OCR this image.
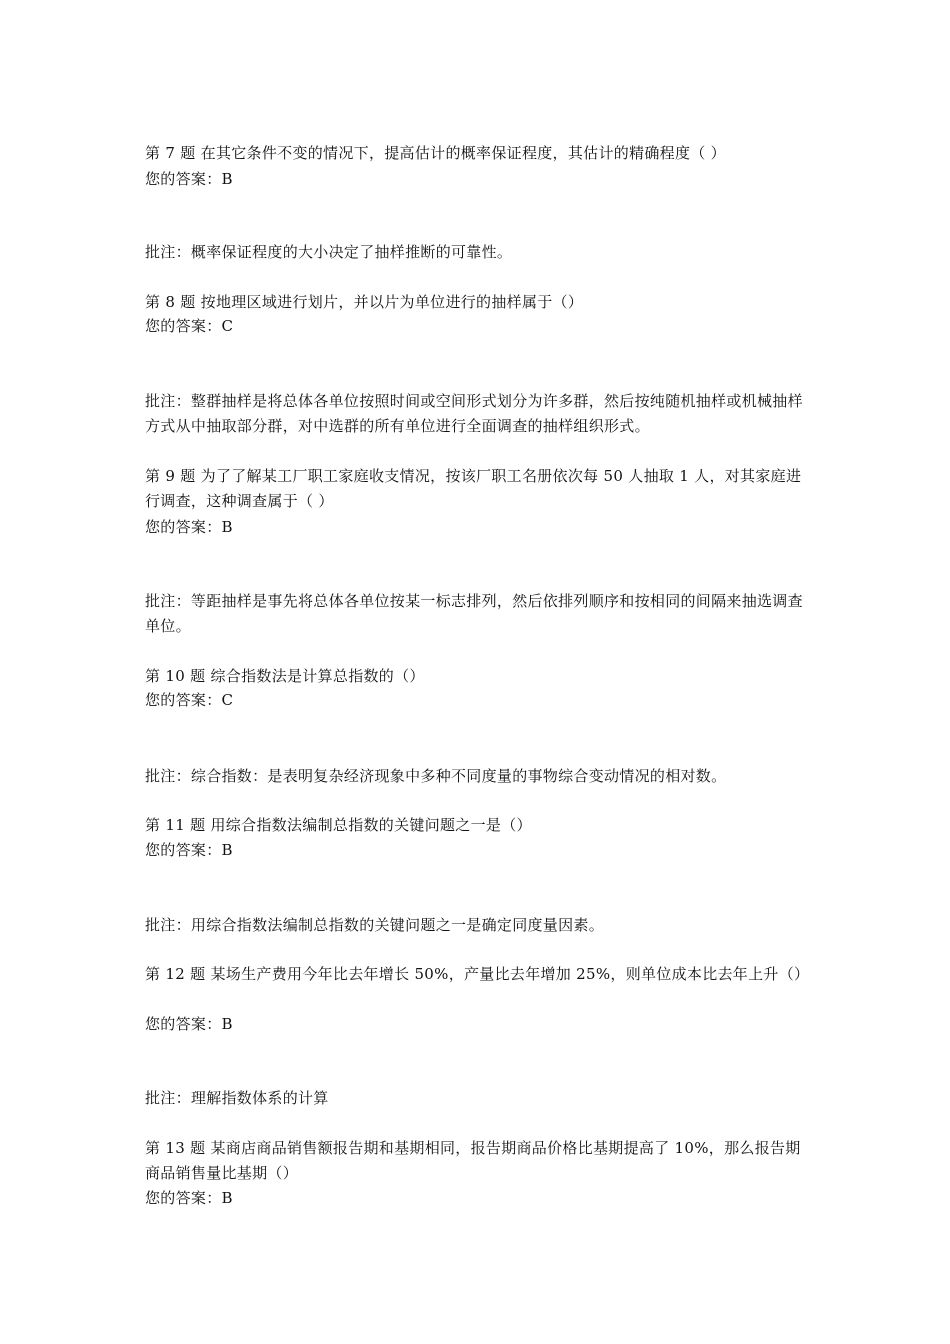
第 7 题 在其它条件不变的情况下，提高估计的概率保证程度，其估计的精确程度（ ）
您的答案：B
批注：概率保证程度的大小决定了抽样推断的可靠性。
第 8 题 按地理区域进行划片，并以片为单位进行的抽样属于（）
您的答案：C
批注：整群抽样是将总体各单位按照时间或空间形式划分为许多群，然后按纯随机抽样或机械抽样方式从中抽取部分群，对中选群的所有单位进行全面调查的抽样组织形式。
第 9 题 为了了解某工厂职工家庭收支情况，按该厂职工名册依次每 50 人抽取 1 人，对其家庭进行调查，这种调查属于（ ）
您的答案：B
批注：等距抽样是事先将总体各单位按某一标志排列，然后依排列顺序和按相同的间隔来抽选调查单位。
第 10 题 综合指数法是计算总指数的（）
您的答案：C
批注：综合指数：是表明复杂经济现象中多种不同度量的事物综合变动情况的相对数。
第 11 题 用综合指数法编制总指数的关键问题之一是（）
您的答案：B
批注：用综合指数法编制总指数的关键问题之一是确定同度量因素。
第 12 题 某场生产费用今年比去年增长 50%，产量比去年增加 25%，则单位成本比去年上升（）
您的答案：B
批注：理解指数体系的计算
第 13 题 某商店商品销售额报告期和基期相同，报告期商品价格比基期提高了 10%，那么报告期商品销售量比基期（）
您的答案：B
